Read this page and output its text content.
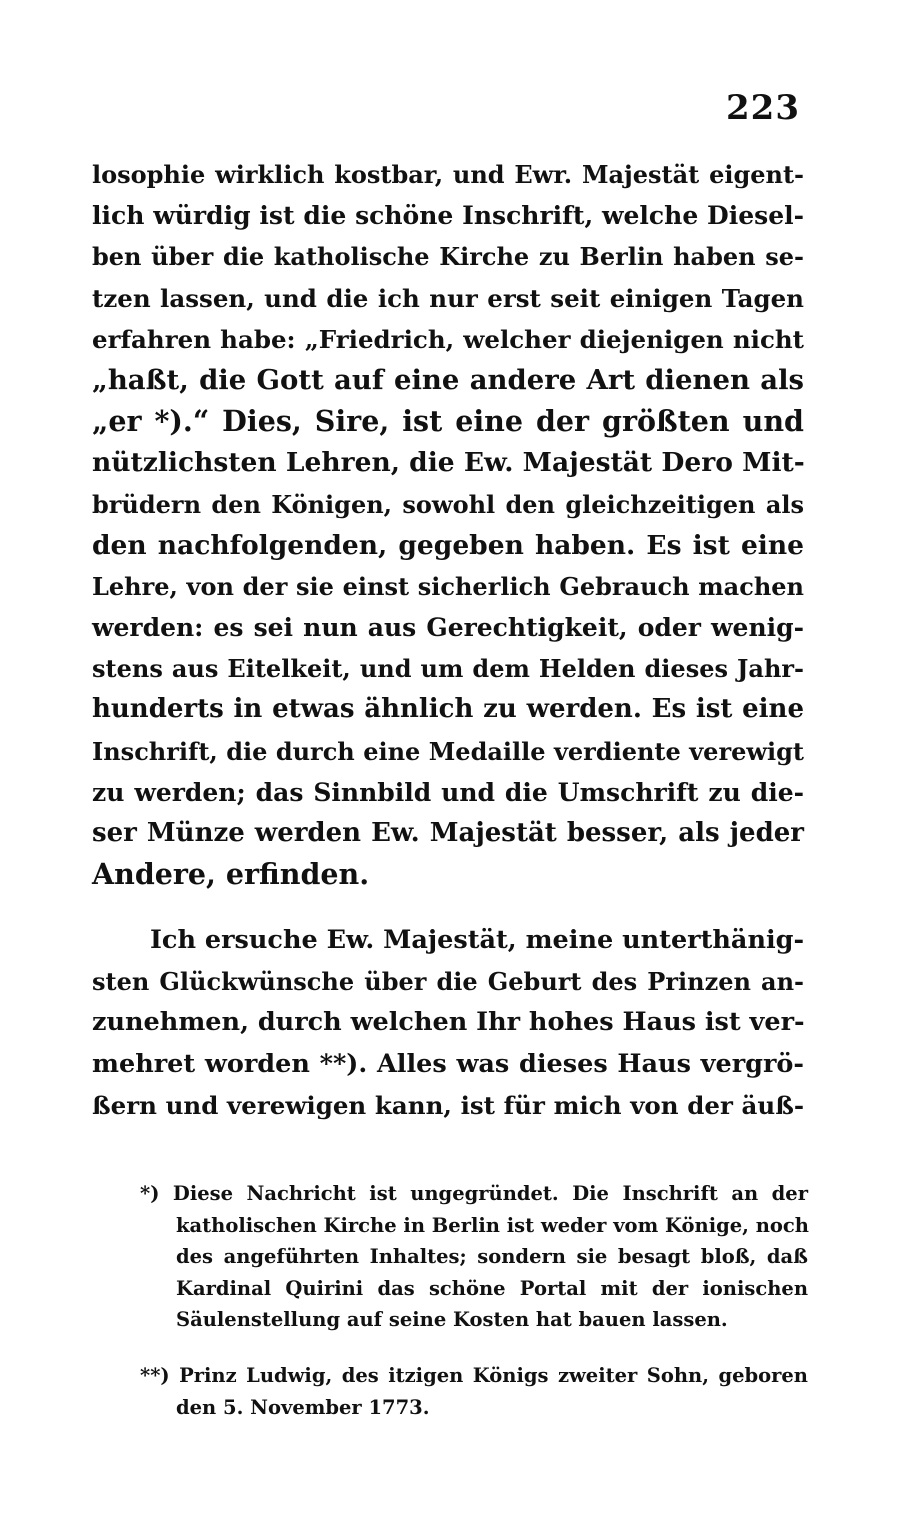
223
losophie wirklich kostbar, und Ewr. Majestät eigent-
lich würdig ist die schöne Inschrift, welche Diesel-
ben über die katholische Kirche zu Berlin haben se-
tzen lassen, und die ich nur erst seit einigen Tagen
erfahren habe: „Friedrich, welcher diejenigen nicht
„haßt, die Gott auf eine andere Art dienen als
„er *).“ Dies, Sire, ist eine der größten und
nützlichsten Lehren, die Ew. Majestät Dero Mit-
brüdern den Königen, sowohl den gleichzeitigen als
den nachfolgenden, gegeben haben. Es ist eine
Lehre, von der sie einst sicherlich Gebrauch machen
werden: es sei nun aus Gerechtigkeit, oder wenig-
stens aus Eitelkeit, und um dem Helden dieses Jahr-
hunderts in etwas ähnlich zu werden. Es ist eine
Inschrift, die durch eine Medaille verdiente verewigt
zu werden; das Sinnbild und die Umschrift zu die-
ser Münze werden Ew. Majestät besser, als jeder
Andere, erfinden.
Ich ersuche Ew. Majestät, meine unterthänig-
sten Glückwünsche über die Geburt des Prinzen an-
zunehmen, durch welchen Ihr hohes Haus ist ver-
mehret worden **). Alles was dieses Haus vergrö-
ßern und verewigen kann, ist für mich von der äuß-
*) Diese Nachricht ist ungegründet. Die Inschrift an der
katholischen Kirche in Berlin ist weder vom Könige, noch
des angeführten Inhaltes; sondern sie besagt bloß, daß
Kardinal Quirini das schöne Portal mit der ionischen
Säulenstellung auf seine Kosten hat bauen lassen.
**) Prinz Ludwig, des itzigen Königs zweiter Sohn, geboren
den 5. November 1773.
